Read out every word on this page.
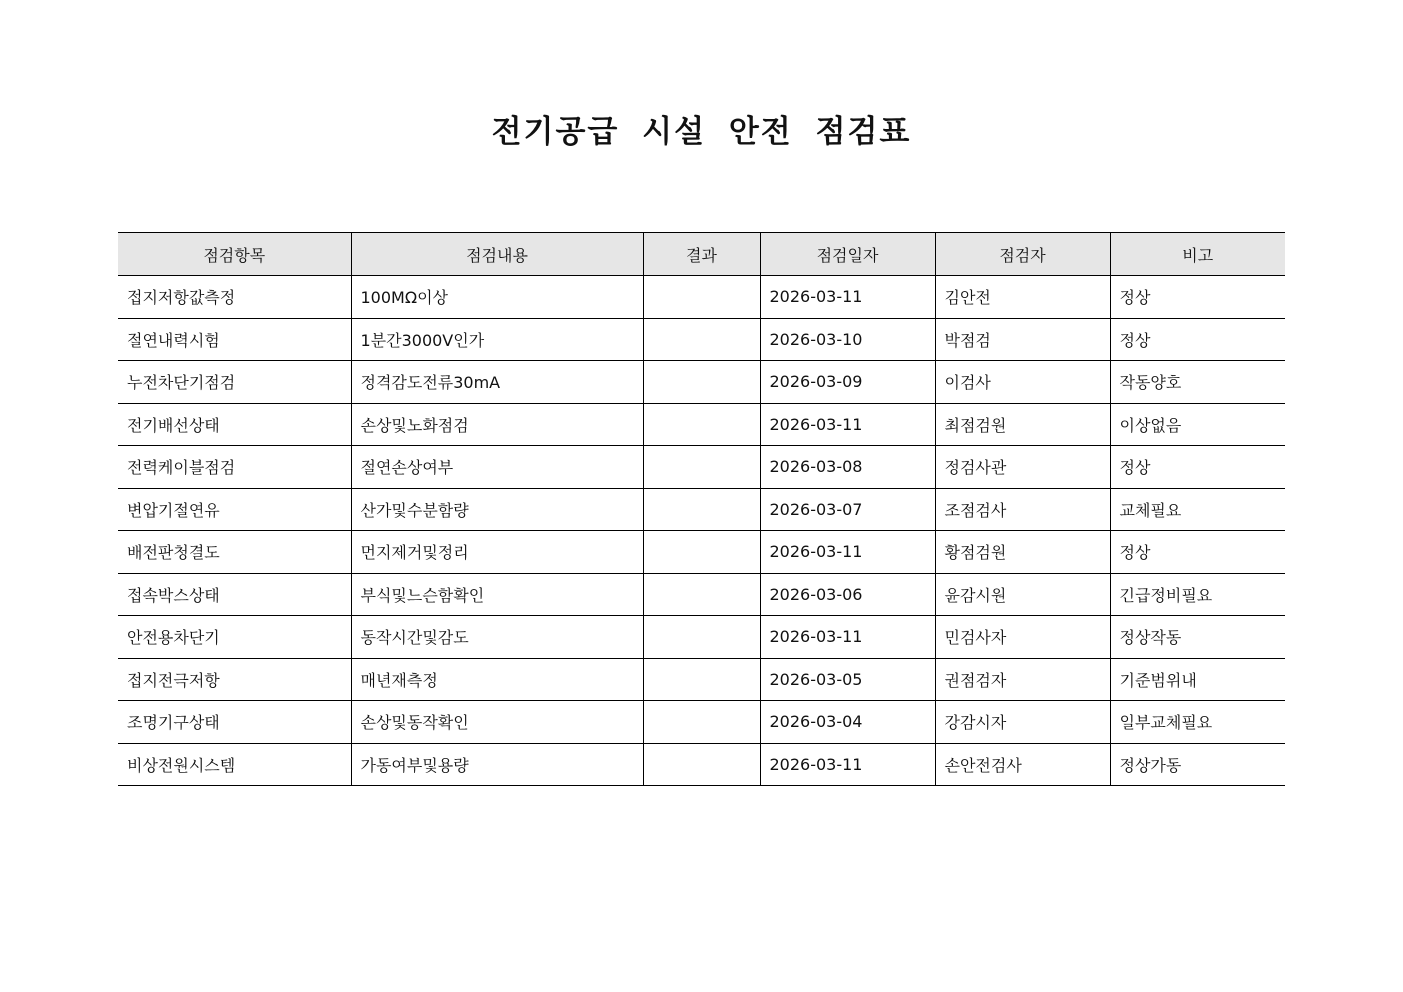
전기공급 시설 안전 점검표
점검항목	점검내용	결과	점검일자	점검자	비고
접지저항값측정	100MΩ이상		2026-03-11	김안전	정상
절연내력시험	1분간3000V인가		2026-03-10	박점검	정상
누전차단기점검	정격감도전류30mA		2026-03-09	이검사	작동양호
전기배선상태	손상및노화점검		2026-03-11	최점검원	이상없음
전력케이블점검	절연손상여부		2026-03-08	정검사관	정상
변압기절연유	산가및수분함량		2026-03-07	조점검사	교체필요
배전판청결도	먼지제거및정리		2026-03-11	황점검원	정상
접속박스상태	부식및느슨함확인		2026-03-06	윤감시원	긴급정비필요
안전용차단기	동작시간및감도		2026-03-11	민검사자	정상작동
접지전극저항	매년재측정		2026-03-05	권점검자	기준범위내
조명기구상태	손상및동작확인		2026-03-04	강감시자	일부교체필요
비상전원시스템	가동여부및용량		2026-03-11	손안전검사	정상가동
